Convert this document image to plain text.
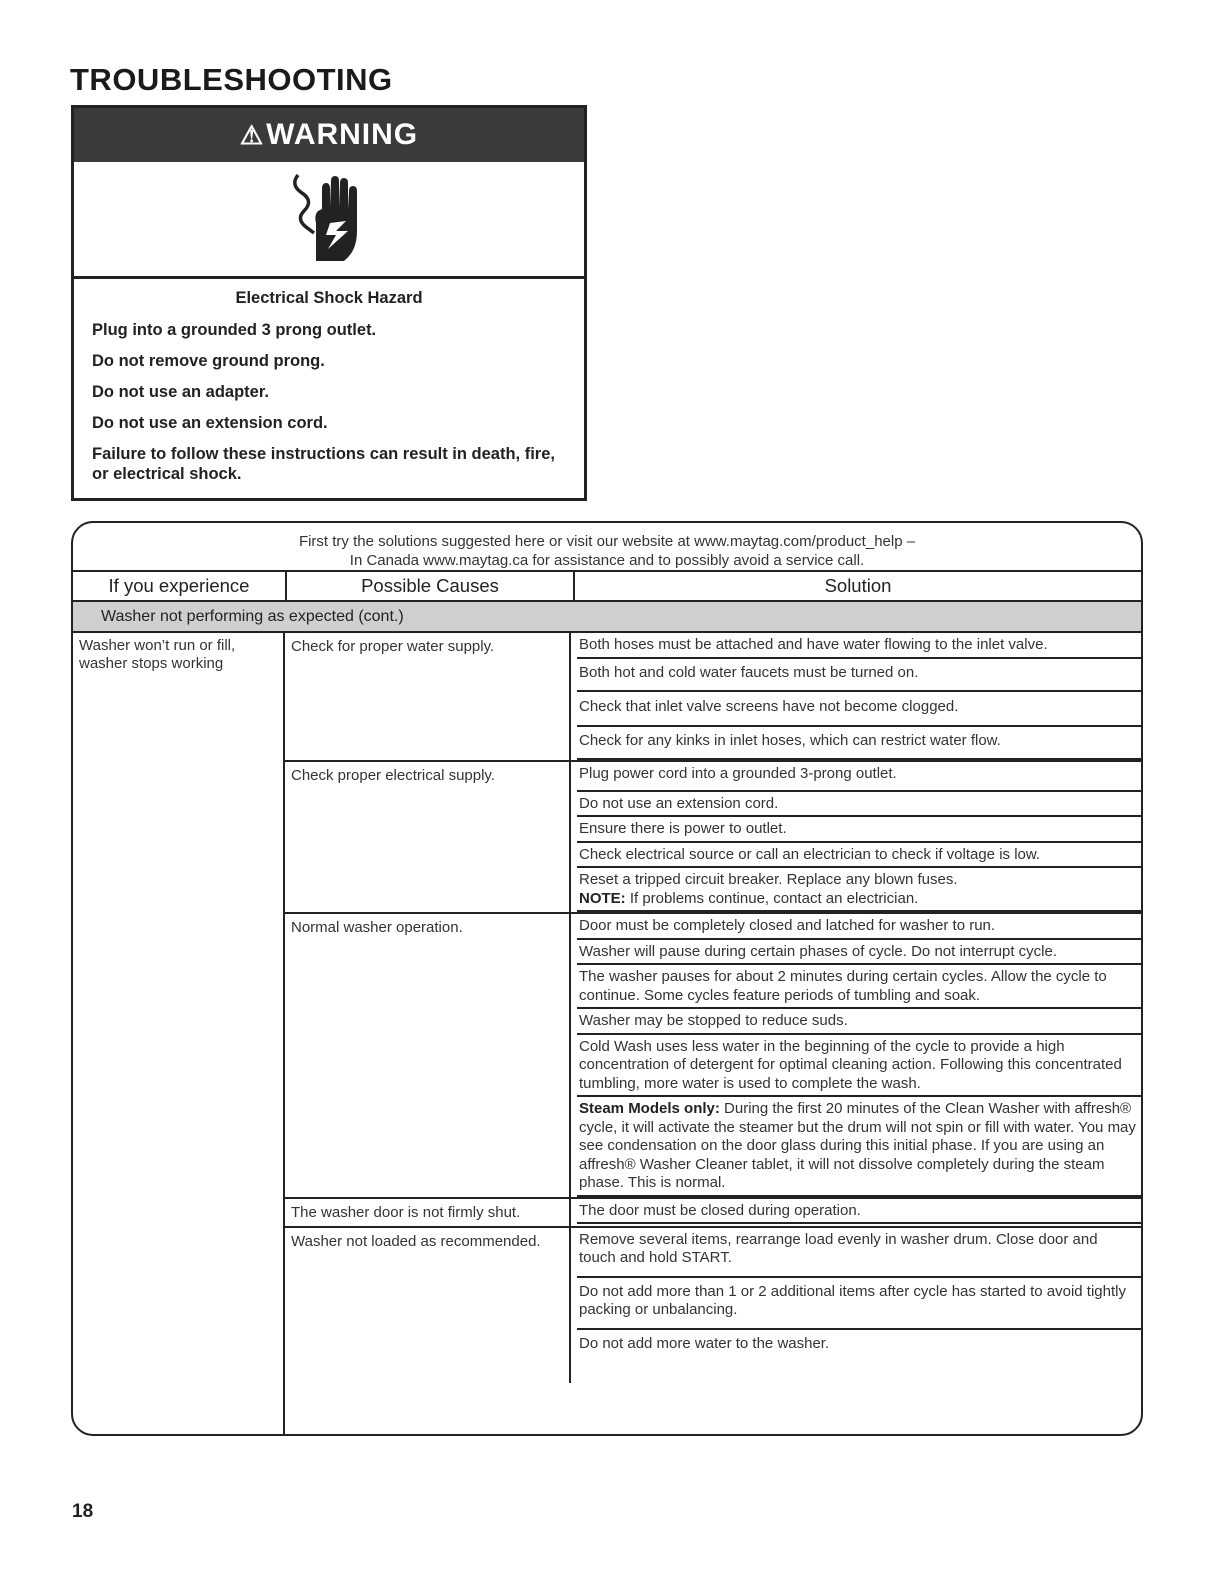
TROUBLESHOOTING
⚠ WARNING
Electrical Shock Hazard
Plug into a grounded 3 prong outlet.
Do not remove ground prong.
Do not use an adapter.
Do not use an extension cord.
Failure to follow these instructions can result in death, fire, or electrical shock.
First try the solutions suggested here or visit our website at www.maytag.com/product_help –
In Canada www.maytag.ca for assistance and to possibly avoid a service call.
If you experience	Possible Causes	Solution
Washer not performing as expected (cont.)
Washer won’t run or fill, washer stops working
Check for proper water supply.	Both hoses must be attached and have water flowing to the inlet valve.
Both hot and cold water faucets must be turned on.
Check that inlet valve screens have not become clogged.
Check for any kinks in inlet hoses, which can restrict water flow.
Check proper electrical supply.	Plug power cord into a grounded 3-prong outlet.
Do not use an extension cord.
Ensure there is power to outlet.
Check electrical source or call an electrician to check if voltage is low.
Reset a tripped circuit breaker. Replace any blown fuses.
NOTE: If problems continue, contact an electrician.
Normal washer operation.	Door must be completely closed and latched for washer to run.
Washer will pause during certain phases of cycle. Do not interrupt cycle.
The washer pauses for about 2 minutes during certain cycles. Allow the cycle to continue. Some cycles feature periods of tumbling and soak.
Washer may be stopped to reduce suds.
Cold Wash uses less water in the beginning of the cycle to provide a high concentration of detergent for optimal cleaning action. Following this concentrated tumbling, more water is used to complete the wash.
Steam Models only: During the first 20 minutes of the Clean Washer with affresh® cycle, it will activate the steamer but the drum will not spin or fill with water. You may see condensation on the door glass during this initial phase. If you are using an affresh® Washer Cleaner tablet, it will not dissolve completely during the steam phase. This is normal.
The washer door is not firmly shut.	The door must be closed during operation.
Washer not loaded as recommended.	Remove several items, rearrange load evenly in washer drum. Close door and touch and hold START.
Do not add more than 1 or 2 additional items after cycle has started to avoid tightly packing or unbalancing.
Do not add more water to the washer.
18
